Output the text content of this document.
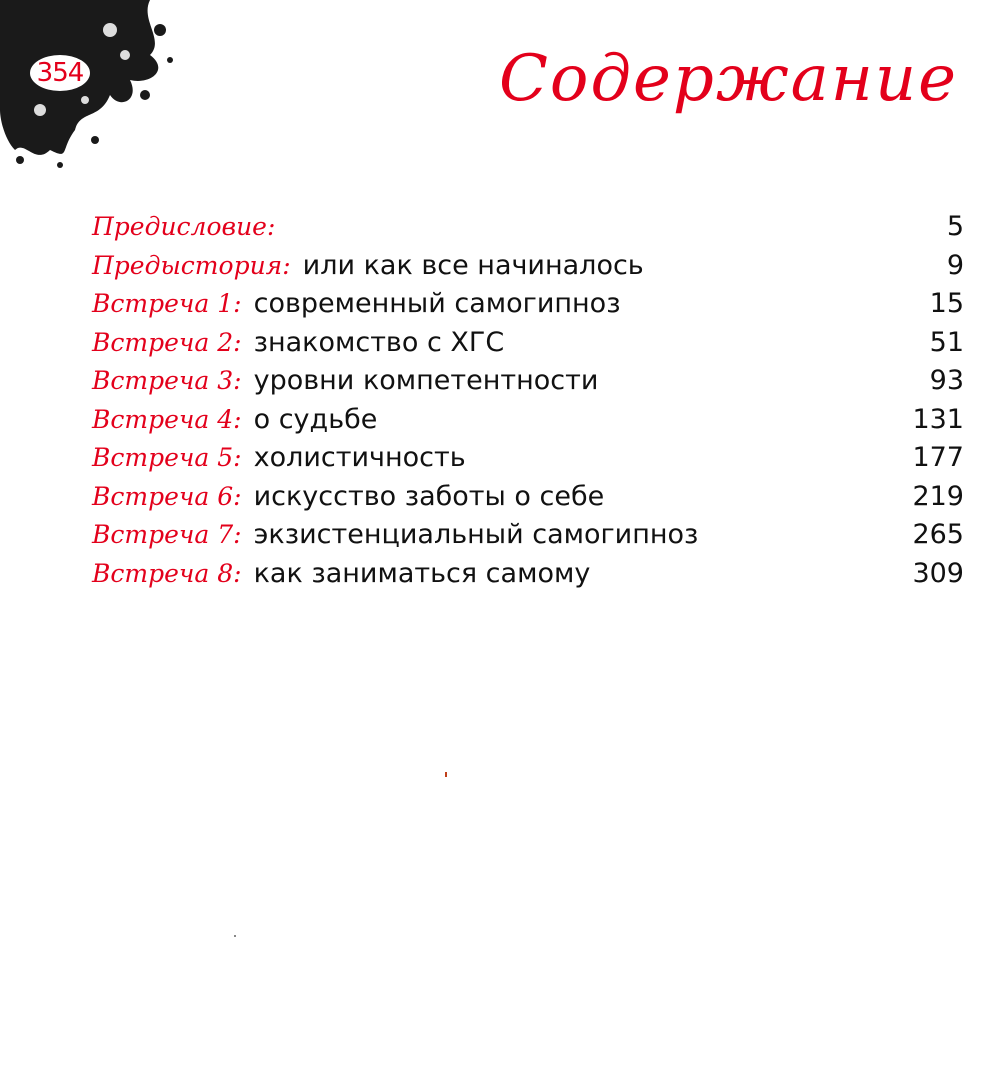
354	Содержание
Предисловие:	5
Предыстория: или как все начиналось	9
Встреча 1: современный самогипноз	15
Встреча 2: знакомство с ХГС	51
Встреча 3: уровни компетентности	93
Встреча 4: о судьбе	131
Встреча 5: холистичность	177
Встреча 6: искусство заботы о себе	219
Встреча 7: экзистенциальный самогипноз	265
Встреча 8: как заниматься самому	309
